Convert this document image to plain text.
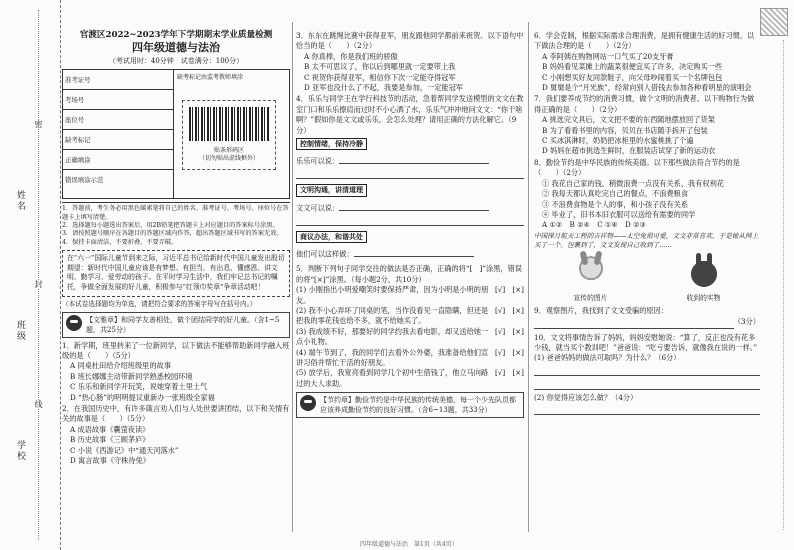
姓名
班级
学校
密
封
线
官渡区2022~2023学年下学期期末学业质量检测
四年级道德与法治
（考试用时：40分钟　试卷满分：100分）
准考证号
考场号
座位号
缺考标记
正确填涂
错误填涂示范
缺考标记由监考教师填涂
贴条形码区
（切勿贴出虚线框外）

1．答题前，考生务必用黑色碳素笔将自己的姓名、准考证号、考场号、座位号在答题卡上填写清楚。

2．选择题每小题选出答案后，用2B铅笔把答题卡上对应题目的答案标号涂黑。

3．请按照题号顺序在各题目的答题区域内作答，超出答题区域书写的答案无效。

4．保持卡面清洁，不要折叠，不要弄破。

在“六一”国际儿童节到来之际，习近平总书记给新时代中国儿童发出殷切期望：新时代中国儿童应该是有梦想、有担当、有出息、懂感恩、讲文明、勤学习、爱劳动的孩子。在平时学习生活中，我们牢记总书记的嘱托，争做全面发展的好儿童，积极参与“红领巾奖章”争章活动吧！
（本试卷选择题均为单选，请把符合要求的答案字母写在括号内。）
【文雅章】和同学友善相处，做个团结同学的好儿童。（含1~5题，共25分）
1．新学期，班里转来了一位新同学，以下做法不能够帮助新同学融入班级的是（　　）（5分）
A 同桌杜田给介绍班级里的故事
B 班长娜娜主动带新同学熟悉校园环境
C 乐乐和新同学开玩笑，说她穿着土里土气
D “热心肠”的明明提议重新办一张班级全家福
2．在我国历史中，有许多箴言劝人们与人处世要讲团结，以下和关情有关的故事是（　　）（5分）
A 成语故事《囊萤夜读》
B 历史故事《三顾茅庐》
C 小说《西游记》中“通天河落水”
D 寓言故事《守株待兔》
3．东东在跳绳比赛中获得亚军，朋友跟他同学都前来祝贺。以下语句中恰当的是（　　）（2分）
A 你真棒，你是我们班的骄傲
B 太不可思议了，你以后到哪里就一定要带上我
C 祝贺你获得亚军，相信你下次一定能夺得冠军
D 亚军也没什么了不起，我要是参加，一定能冠军
4．乐乐与同学王在学行科技节的活动，急着帮同学发送模型的文文在教室门口和乐乐擦肩而过时不小心洒了水，乐乐气冲冲地问文文：“你干啥啊？”假如你是文文或乐乐，会怎么处理？请用正确的方法化解它。（9分）
控制情绪，保持冷静
乐乐可以说：
文明沟通，讲清道理
文文可以说：
商议办法，和谐共处
他们可以这样做：
5．判断下列句子同学交往的做法是否正确，正确的将“[　]”涂黑，错误的将“[×]”涂黑。（每小题2分，共10分）
(1) 小刚指出小明爱嘲笑时要保持严肃，因为小明是小明的朋友。
[√]　[×]
(2) 我不小心弄坏了同桌的笔，当作没看见一直隐瞒，但还是把我的零花钱也给不多，就不给她买了。
[√]　[×]
(3) 我成绩不好，那要好的同学约我去看电影，却又送给她一点小礼物。
[√]　[×]
(4) 端午节到了，我的同学们去看外公外婆，我准备给他们宣讲习俗并帮忙干活的好朋友。
[√]　[×]
(5) 放学后，我宽亮看到同学几个初中生借钱了，他立马向路过的大人求助。
[√]　[×]
【节约章】勤俭节约是中华民族的传统美德，每一个少先队员都应该养成勤俭节约的良好习惯。（含6~13题，共33分）
6．学会克制，根据实际需求合理消费，是拥有健康生活的好习惯。以下做法合理的是（　　）（2分）
A 李阿姨在购物网站一口气买了20支牙膏
B 妈妈看见菜摊上的蔬菜很便宜买了许多，决定购买一些
C 小刚想买好友同款鞋子，向父母吵闹着买一个名牌包包
D 舅舅是个“月光族”，经常向别人借钱去参加各种看明星的演唱会
7．我们要养成节约的消费习惯，做个文明的消费者。以下购物行为做得正确的是（　　）（2分）
A 挑选完文具后，文文把不要的东西随地摆放回了货架
B 为了看看书里的内容，贝贝在书店随手拆开了包装
C 买冰淇淋时，奶奶把冰柜里的水蜜桃挑了个遍
D 妈妈在超市挑选生鲜时，在服装店试穿了新的运动衣
8．勤俭节约是中华民族的传统美德。以下那些做法符合节约的是（　　）（2分）
① 我花自己家的钱，稍微浪费一点没有关系，我有权利花
② 我每天都认真吃完自己的餐点，不浪费粮食
③ 不浪费食物是个人的事，和小孩子没有关系
④ 毕业了，旧书本旧衣服可以送给有需要的同学
A ①②　B ②④　C ①④　D ②③
中国探月航天工程的吉祥物——太空兔很可爱，文文非常喜欢，于是她从网上买了一个。包裹到了，文文发现自己收到了......
宣传的图片	收到的实物
9．观察图片，我找到了文文受骗的原因：
（3分）
10．文文将事情告诉了妈妈，妈妈安慰她说：“算了，反正也没有花多少钱，就当买个教训吧！”爸爸说：“吃亏要告诉，就像我在说的一样。”
(1) 爸爸妈妈的做法可取吗？为什么？（6分）
(2) 你觉得应该怎么做？（4分）
四年级道德与法治　第1页（共4页）
